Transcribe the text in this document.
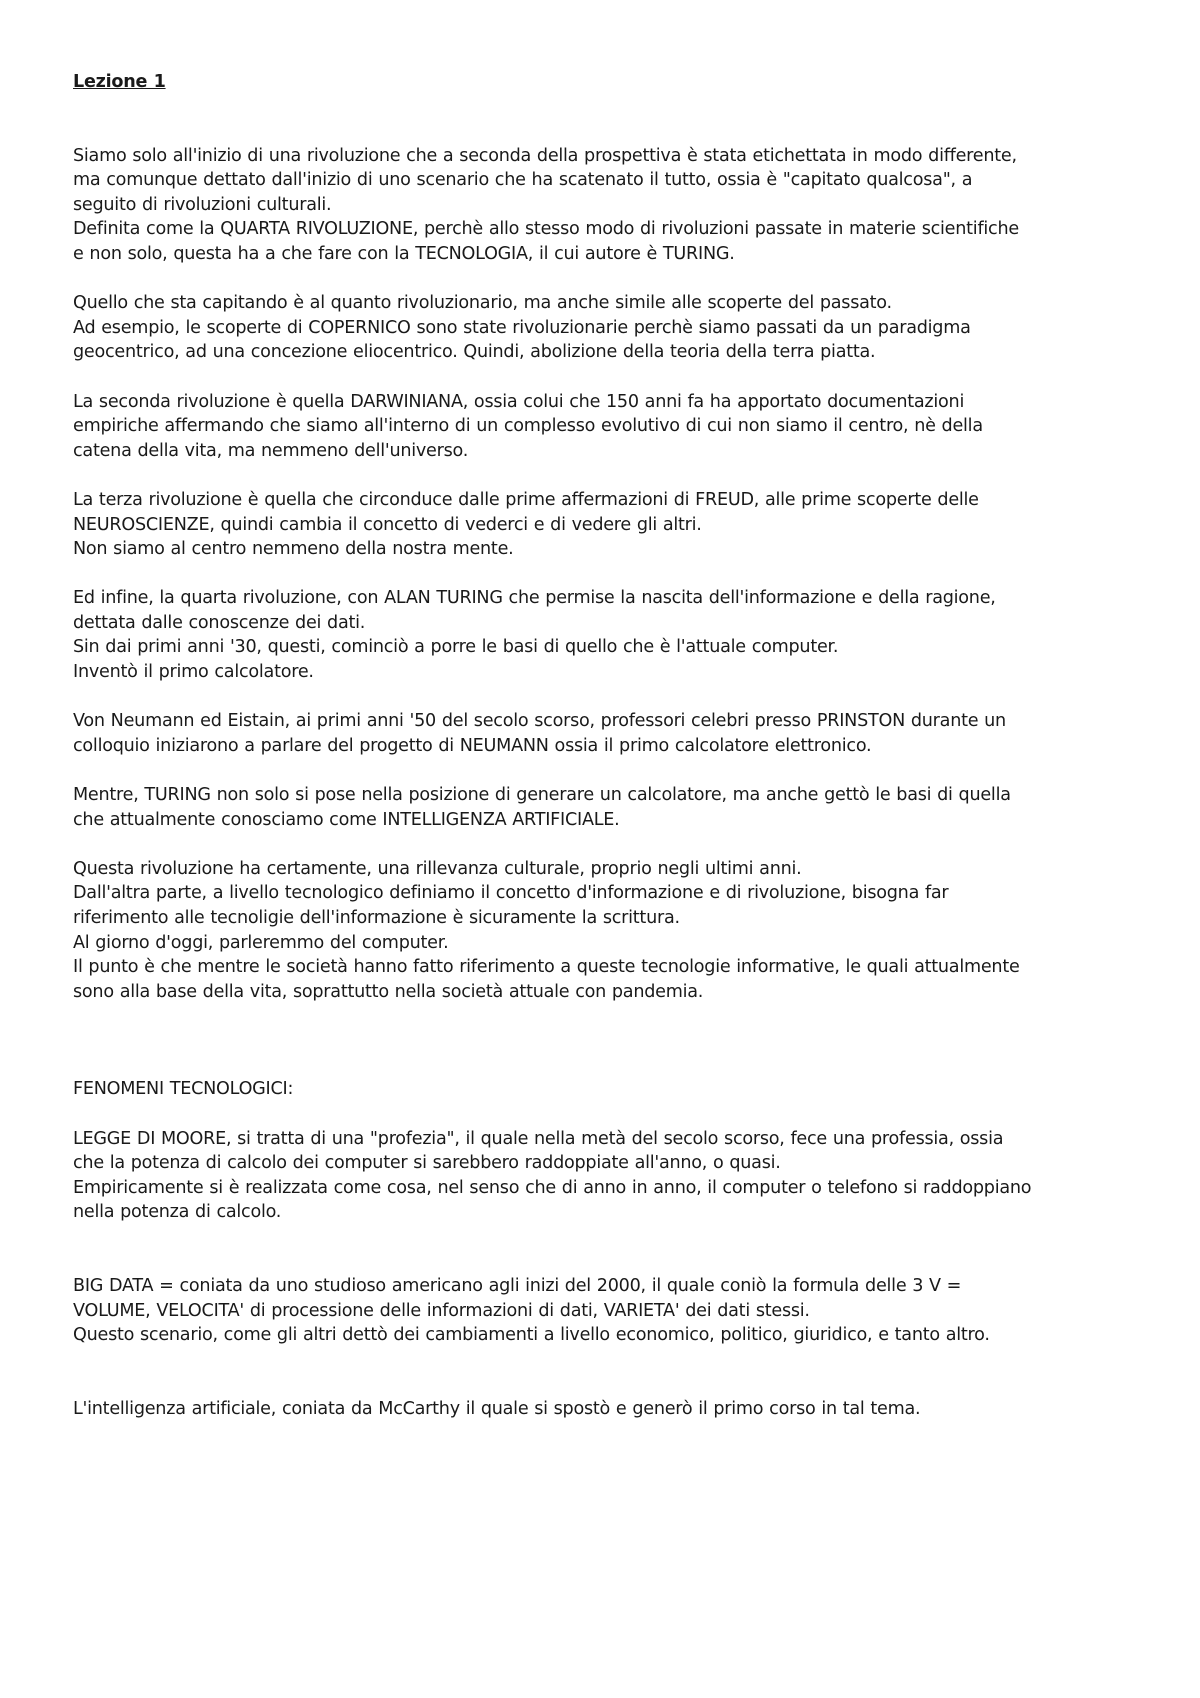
Lezione 1
Siamo solo all'inizio di una rivoluzione che a seconda della prospettiva è stata etichettata in modo differente,
ma comunque dettato dall'inizio di uno scenario che ha scatenato il tutto, ossia è "capitato qualcosa", a
seguito di rivoluzioni culturali.
Definita come la QUARTA RIVOLUZIONE, perchè allo stesso modo di rivoluzioni passate in materie scientifiche
e non solo, questa ha a che fare con la TECNOLOGIA, il cui autore è TURING.
Quello che sta capitando è al quanto rivoluzionario, ma anche simile alle scoperte del passato.
Ad esempio, le scoperte di COPERNICO sono state rivoluzionarie perchè siamo passati da un paradigma
geocentrico, ad una concezione eliocentrico. Quindi, abolizione della teoria della terra piatta.
La seconda rivoluzione è quella DARWINIANA, ossia colui che 150 anni fa ha apportato documentazioni
empiriche affermando che siamo all'interno di un complesso evolutivo di cui non siamo il centro, nè della
catena della vita, ma nemmeno dell'universo.
La terza rivoluzione è quella che circonduce dalle prime affermazioni di FREUD, alle prime scoperte delle
NEUROSCIENZE, quindi cambia il concetto di vederci e di vedere gli altri.
Non siamo al centro nemmeno della nostra mente.
Ed infine, la quarta rivoluzione, con ALAN TURING che permise la nascita dell'informazione e della ragione,
dettata dalle conoscenze dei dati.
Sin dai primi anni '30, questi, cominciò a porre le basi di quello che è l'attuale computer.
Inventò il primo calcolatore.
Von Neumann ed Eistain, ai primi anni '50 del secolo scorso, professori celebri presso PRINSTON durante un
colloquio iniziarono a parlare del progetto di NEUMANN ossia il primo calcolatore elettronico.
Mentre, TURING non solo si pose nella posizione di generare un calcolatore, ma anche gettò le basi di quella
che attualmente conosciamo come INTELLIGENZA ARTIFICIALE.
Questa rivoluzione ha certamente, una rillevanza culturale, proprio negli ultimi anni.
Dall'altra parte, a livello tecnologico definiamo il concetto d'informazione e di rivoluzione, bisogna far
riferimento alle tecnoligie dell'informazione è sicuramente la scrittura.
Al giorno d'oggi, parleremmo del computer.
Il punto è che mentre le società hanno fatto riferimento a queste tecnologie informative, le quali attualmente
sono alla base della vita, soprattutto nella società attuale con pandemia.
FENOMENI TECNOLOGICI:
LEGGE DI MOORE, si tratta di una "profezia", il quale nella metà del secolo scorso, fece una professia, ossia
che la potenza di calcolo dei computer si sarebbero raddoppiate all'anno, o quasi.
Empiricamente si è realizzata come cosa, nel senso che di anno in anno, il computer o telefono si raddoppiano
nella potenza di calcolo.
BIG DATA = coniata da uno studioso americano agli inizi del 2000, il quale coniò la formula delle 3 V =
VOLUME, VELOCITA' di processione delle informazioni di dati, VARIETA' dei dati stessi.
Questo scenario, come gli altri dettò dei cambiamenti a livello economico, politico, giuridico, e tanto altro.
L'intelligenza artificiale, coniata da McCarthy il quale si spostò e generò il primo corso in tal tema.
